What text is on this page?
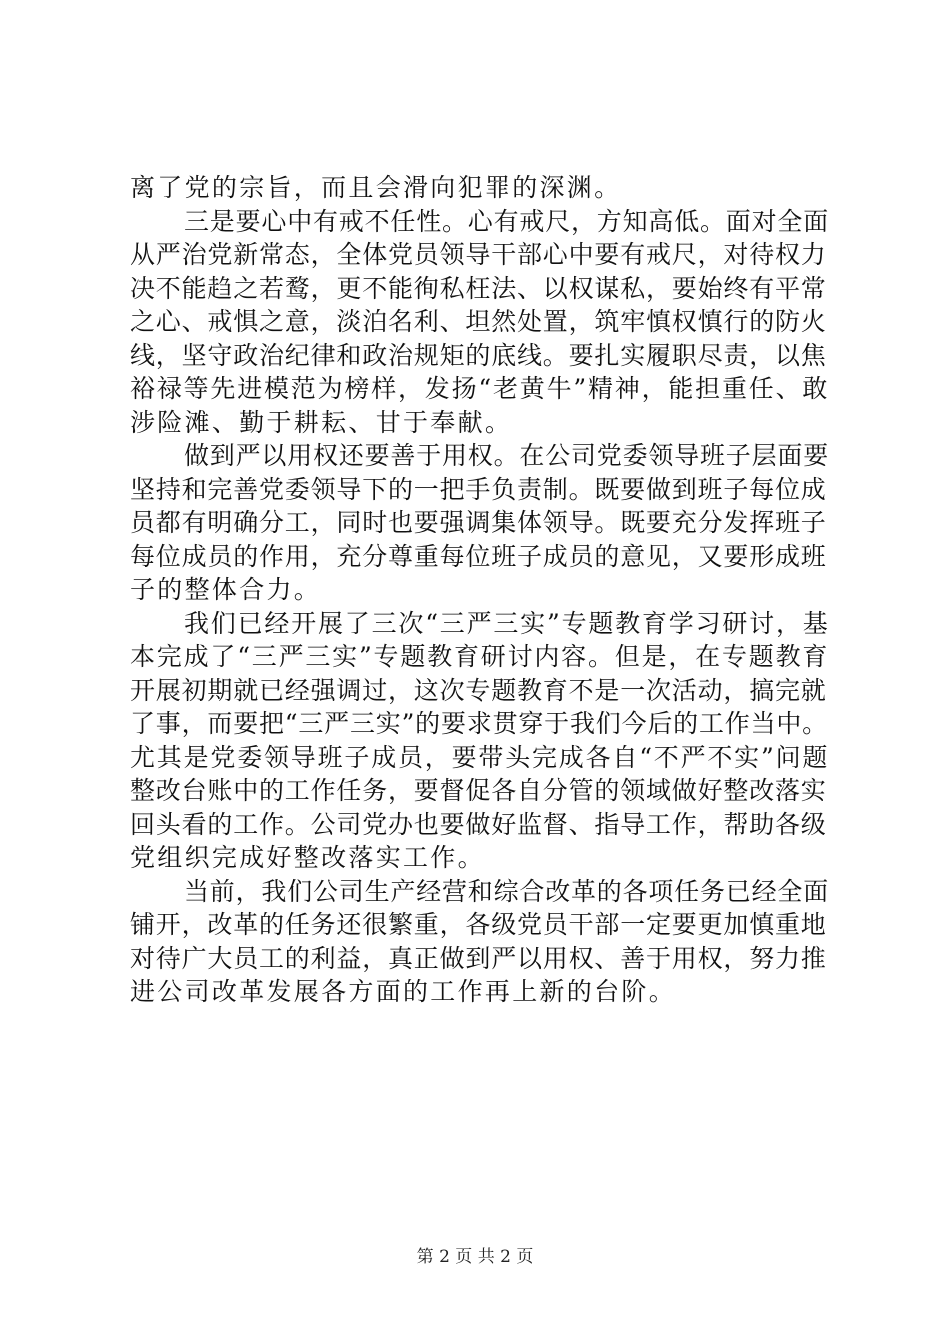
离了党的宗旨，而且会滑向犯罪的深渊。
三是要心中有戒不任性。心有戒尺，方知高低。面对全面
从严治党新常态，全体党员领导干部心中要有戒尺，对待权力
决不能趋之若鹜，更不能徇私枉法、以权谋私，要始终有平常
之心、戒惧之意，淡泊名利、坦然处置，筑牢慎权慎行的防火
线，坚守政治纪律和政治规矩的底线。要扎实履职尽责，以焦
裕禄等先进模范为榜样，发扬“老黄牛”精神，能担重任、敢
涉险滩、勤于耕耘、甘于奉献。
做到严以用权还要善于用权。在公司党委领导班子层面要
坚持和完善党委领导下的一把手负责制。既要做到班子每位成
员都有明确分工，同时也要强调集体领导。既要充分发挥班子
每位成员的作用，充分尊重每位班子成员的意见，又要形成班
子的整体合力。
我们已经开展了三次“三严三实”专题教育学习研讨，基
本完成了“三严三实”专题教育研讨内容。但是，在专题教育
开展初期就已经强调过，这次专题教育不是一次活动，搞完就
了事，而要把“三严三实”的要求贯穿于我们今后的工作当中。
尤其是党委领导班子成员，要带头完成各自“不严不实”问题
整改台账中的工作任务，要督促各自分管的领域做好整改落实
回头看的工作。公司党办也要做好监督、指导工作，帮助各级
党组织完成好整改落实工作。
当前，我们公司生产经营和综合改革的各项任务已经全面
铺开，改革的任务还很繁重，各级党员干部一定要更加慎重地
对待广大员工的利益，真正做到严以用权、善于用权，努力推
进公司改革发展各方面的工作再上新的台阶。
第 2 页 共 2 页
